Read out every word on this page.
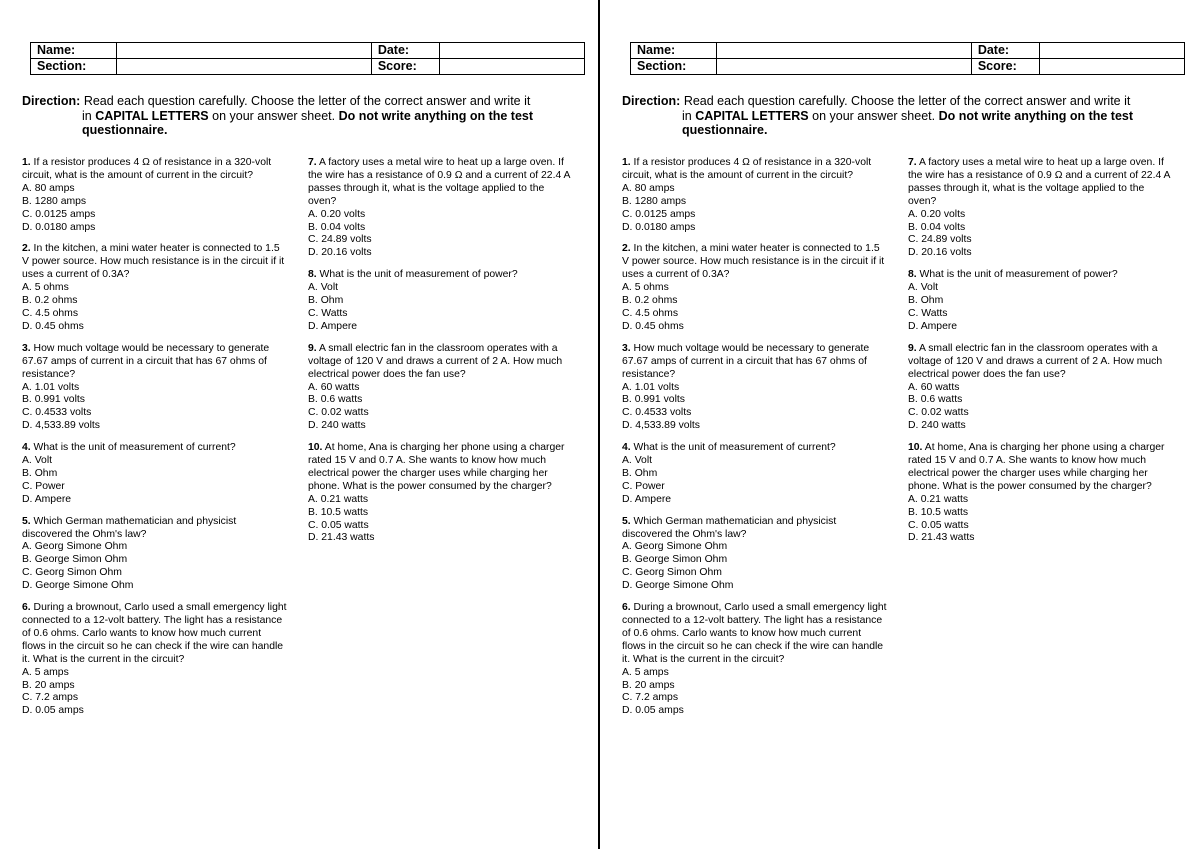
Name:		Date:	
Section:		Score:	
Direction: Read each question carefully. Choose the letter of the correct answer and write it
in CAPITAL LETTERS on your answer sheet. Do not write anything on the test
questionnaire.
1. If a resistor produces 4 Ω of resistance in a 320-volt circuit, what is the amount of current in the circuit?
A. 80 amps
B. 1280 amps
C. 0.0125 amps
D. 0.0180 amps
2. In the kitchen, a mini water heater is connected to 1.5 V power source. How much resistance is in the circuit if it uses a current of 0.3A?
A. 5 ohms
B. 0.2 ohms
C. 4.5 ohms
D. 0.45 ohms
3. How much voltage would be necessary to generate 67.67 amps of current in a circuit that has 67 ohms of resistance?
A. 1.01 volts
B. 0.991 volts
C. 0.4533 volts
D. 4,533.89 volts
4. What is the unit of measurement of current?
A. Volt
B. Ohm
C. Power
D. Ampere
5. Which German mathematician and physicist discovered the Ohm's law?
A. Georg Simone Ohm
B. George Simon Ohm
C. Georg Simon Ohm
D. George Simone Ohm
6. During a brownout, Carlo used a small emergency light connected to a 12-volt battery. The light has a resistance of 0.6 ohms. Carlo wants to know how much current flows in the circuit so he can check if the wire can handle it. What is the current in the circuit?
A. 5 amps
B. 20 amps
C. 7.2 amps
D. 0.05 amps
7. A factory uses a metal wire to heat up a large oven. If the wire has a resistance of 0.9 Ω and a current of 22.4 A passes through it, what is the voltage applied to the oven?
A. 0.20 volts
B. 0.04 volts
C. 24.89 volts
D. 20.16 volts
8. What is the unit of measurement of power?
A. Volt
B. Ohm
C. Watts
D. Ampere
9. A small electric fan in the classroom operates with a voltage of 120 V and draws a current of 2 A. How much electrical power does the fan use?
A. 60 watts
B. 0.6 watts
C. 0.02 watts
D. 240 watts
10. At home, Ana is charging her phone using a charger rated 15 V and 0.7 A. She wants to know how much electrical power the charger uses while charging her phone. What is the power consumed by the charger?
A. 0.21 watts
B. 10.5 watts
C. 0.05 watts
D. 21.43 watts
Name:		Date:	
Section:		Score:	
Direction: Read each question carefully. Choose the letter of the correct answer and write it
in CAPITAL LETTERS on your answer sheet. Do not write anything on the test
questionnaire.
1. If a resistor produces 4 Ω of resistance in a 320-volt circuit, what is the amount of current in the circuit?
A. 80 amps
B. 1280 amps
C. 0.0125 amps
D. 0.0180 amps
2. In the kitchen, a mini water heater is connected to 1.5 V power source. How much resistance is in the circuit if it uses a current of 0.3A?
A. 5 ohms
B. 0.2 ohms
C. 4.5 ohms
D. 0.45 ohms
3. How much voltage would be necessary to generate 67.67 amps of current in a circuit that has 67 ohms of resistance?
A. 1.01 volts
B. 0.991 volts
C. 0.4533 volts
D. 4,533.89 volts
4. What is the unit of measurement of current?
A. Volt
B. Ohm
C. Power
D. Ampere
5. Which German mathematician and physicist discovered the Ohm's law?
A. Georg Simone Ohm
B. George Simon Ohm
C. Georg Simon Ohm
D. George Simone Ohm
6. During a brownout, Carlo used a small emergency light connected to a 12-volt battery. The light has a resistance of 0.6 ohms. Carlo wants to know how much current flows in the circuit so he can check if the wire can handle it. What is the current in the circuit?
A. 5 amps
B. 20 amps
C. 7.2 amps
D. 0.05 amps
7. A factory uses a metal wire to heat up a large oven. If the wire has a resistance of 0.9 Ω and a current of 22.4 A passes through it, what is the voltage applied to the oven?
A. 0.20 volts
B. 0.04 volts
C. 24.89 volts
D. 20.16 volts
8. What is the unit of measurement of power?
A. Volt
B. Ohm
C. Watts
D. Ampere
9. A small electric fan in the classroom operates with a voltage of 120 V and draws a current of 2 A. How much electrical power does the fan use?
A. 60 watts
B. 0.6 watts
C. 0.02 watts
D. 240 watts
10. At home, Ana is charging her phone using a charger rated 15 V and 0.7 A. She wants to know how much electrical power the charger uses while charging her phone. What is the power consumed by the charger?
A. 0.21 watts
B. 10.5 watts
C. 0.05 watts
D. 21.43 watts
